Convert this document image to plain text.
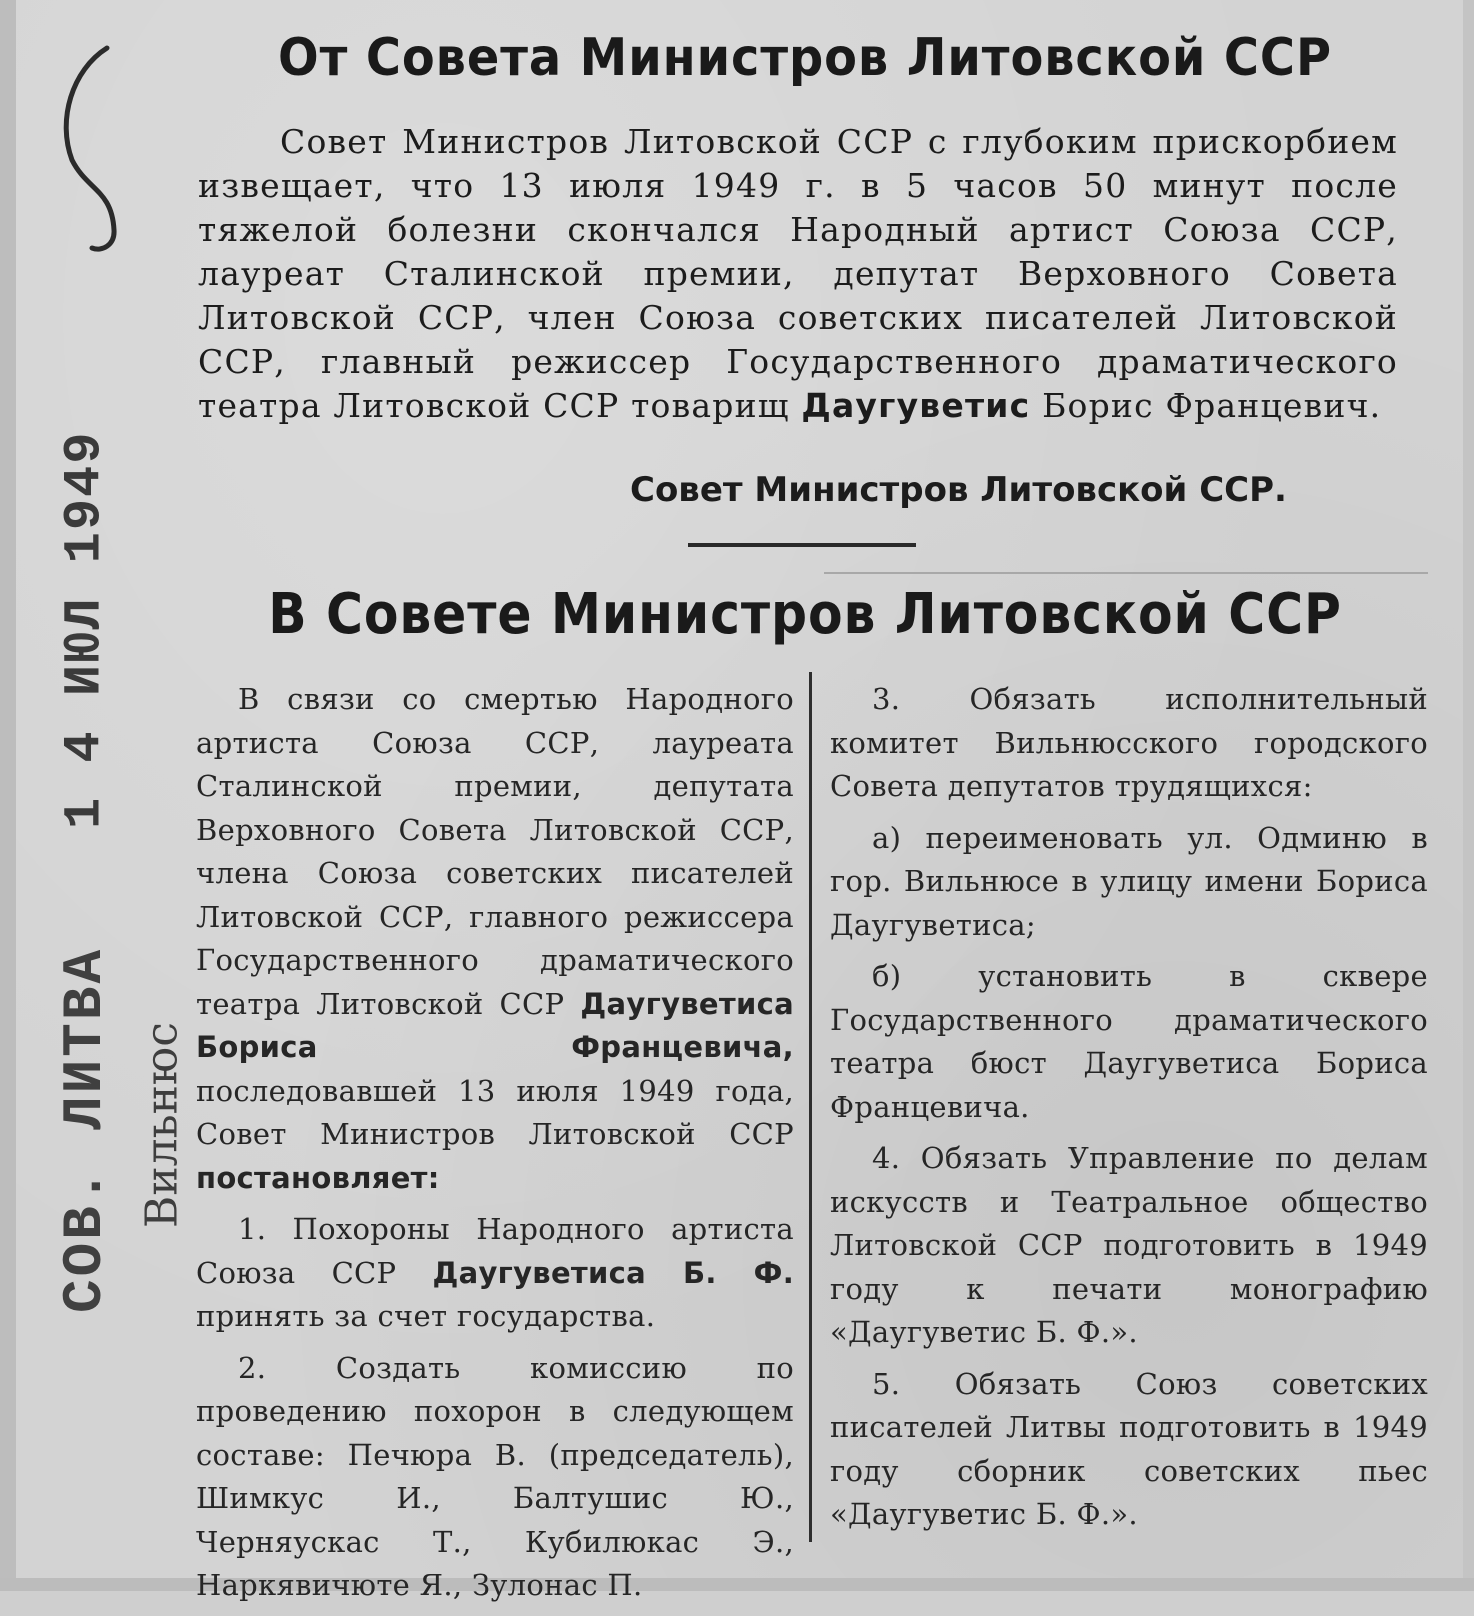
1 4 ИЮЛ 1949
СОВ. ЛИТВА Вильнюс
От Совета Министров Литовской ССР
Совет Министров Литовской ССР с глубоким прискорбием извещает, что 13 июля 1949 г. в 5 часов 50 минут после тяжелой болезни скончался Народный артист Союза ССР, лауреат Сталинской премии, депутат Верховного Совета Литовской ССР, член Союза советских писателей Литовской ССР, главный режиссер Государственного драматического театра Литовской ССР товарищ Даугуветис Борис Францевич.
Совет Министров Литовской ССР.
В Совете Министров Литовской ССР

В связи со смертью Народного артиста Союза ССР, лауреата Сталинской премии, депутата Верховного Совета Литовской ССР, члена Союза советских писателей Литовской ССР, главного режиссера Государственного драматического театра Литовской ССР Даугуветиса Бориса Францевича, последовавшей 13 июля 1949 года, Совет Министров Литовской ССР постановляет:

1. Похороны Народного артиста Союза ССР Даугуветиса Б. Ф. принять за счет государства.

2. Создать комиссию по проведению похорон в следующем составе: Печюра В. (председатель), Шимкус И., Балтушис Ю., Черняускас Т., Кубилюкас Э., Наркявичюте Я., Зулонас П.

3. Обязать исполнительный комитет Вильнюсского городского Совета депутатов трудящихся:

а) переименовать ул. Одминю в гор. Вильнюсе в улицу имени Бориса Даугуветиса;

б) установить в сквере Государственного драматического театра бюст Даугуветиса Бориса Францевича.

4. Обязать Управление по делам искусств и Театральное общество Литовской ССР подготовить в 1949 году к печати монографию «Даугуветис Б. Ф.».

5. Обязать Союз советских писателей Литвы подготовить в 1949 году сборник советских пьес «Даугуветис Б. Ф.».
